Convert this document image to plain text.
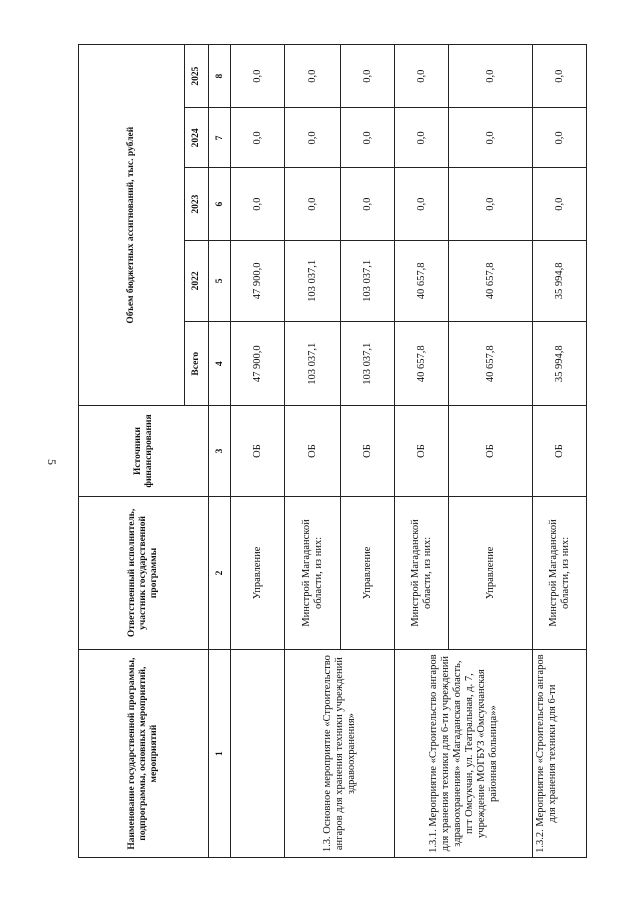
5
Наименование государственной программы, подпрограммы, основных мероприятий, мероприятий	Ответственный исполнитель, участник государственной программы	Источники финансирования	Объем бюджетных ассигнований, тыс. рублей				
			Всего	2022	2023	2024	2025
1	2	3	4	5	6	7	8
	Управление	ОБ	47 900,0	47 900,0	0,0	0,0	0,0
1.3. Основное мероприятие «Строительство ангаров для хранения техники учреждений здравоохранения»	Минстрой Магаданской области, из них:	ОБ	103 037,1	103 037,1	0,0	0,0	0,0
	Управление	ОБ	103 037,1	103 037,1	0,0	0,0	0,0
1.3.1. Мероприятие «Строительство ангаров для хранения техники для 6-ти учреждений здравоохранения» «Магаданская область, пгт Омсукчан, ул. Театральная, д. 7, учреждение МОГБУЗ «Омсукчанская районная больница»»	Минстрой Магаданской области, из них:	ОБ	40 657,8	40 657,8	0,0	0,0	0,0
	Управление	ОБ	40 657,8	40 657,8	0,0	0,0	0,0
1.3.2. Мероприятие «Строительство ангаров для хранения техники для 6-ти	Минстрой Магаданской области, из них:	ОБ	35 994,8	35 994,8	0,0	0,0	0,0
